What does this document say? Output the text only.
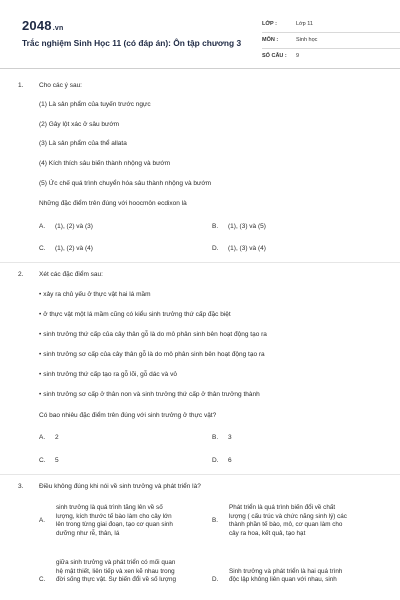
2048.vn
Trắc nghiệm Sinh Học 11 (có đáp án): Ôn tập chương 3
LỚP :	Lớp 11
MÔN :	Sinh học
SỐ CÂU : 9
1. Cho các ý sau:
(1) Là sản phẩm của tuyến trước ngực
(2) Gây lột xác ở sâu bướm
(3) Là sản phẩm của thể allata
(4) Kích thích sâu biến thành nhộng và bướm
(5) Ức chế quá trình chuyển hóa sâu thành nhộng và bướm
Những đặc điểm trên đúng với hoocmôn ecdixon là
A. (1), (2) và (3)	B. (1), (3) và (5)
C. (1), (2) và (4)	D. (1), (3) và (4)
2. Xét các đặc điểm sau:
• xảy ra chủ yếu ở thực vật hai lá mầm
• ở thực vật một lá mầm cũng có kiểu sinh trưởng thứ cấp đặc biệt
• sinh trưởng thứ cấp của cây thân gỗ là do mô phân sinh bên hoạt động tạo ra
• sinh trưởng sơ cấp của cây thân gỗ là do mô phân sinh bên hoạt động tạo ra
• sinh trưởng thứ cấp tạo ra gỗ lõi, gỗ dác và vỏ
• sinh trưởng sơ cấp ở thân non và sinh trưởng thứ cấp ở thân trưởng thành
Có bao nhiêu đặc điểm trên đúng với sinh trưởng ở thực vật?
A. 2	B. 3
C. 5	D. 6
3. Điều không đúng khi nói về sinh trưởng và phát triển là?
A.
sinh trưởng là quá trình tăng lên về số
lượng, kích thước tế bào làm cho cây lớn
lên trong từng giai đoạn, tạo cơ quan sinh
dưỡng như rễ, thân, lá
B.
Phát triển là quá trình biến đổi về chất
lượng ( cấu trúc và chức năng sinh lý) các
thành phần tế bào, mô, cơ quan làm cho
cây ra hoa, kết quả, tạo hạt
C.
giữa sinh trưởng và phát triển có mối quan
hệ mật thiết, liên tiếp và xen kẽ nhau trong
đời sống thực vật. Sự biến đổi về số lượng	D.

Sinh trưởng và phát triển là hai quá trình
độc lập không liên quan với nhau, sinh
